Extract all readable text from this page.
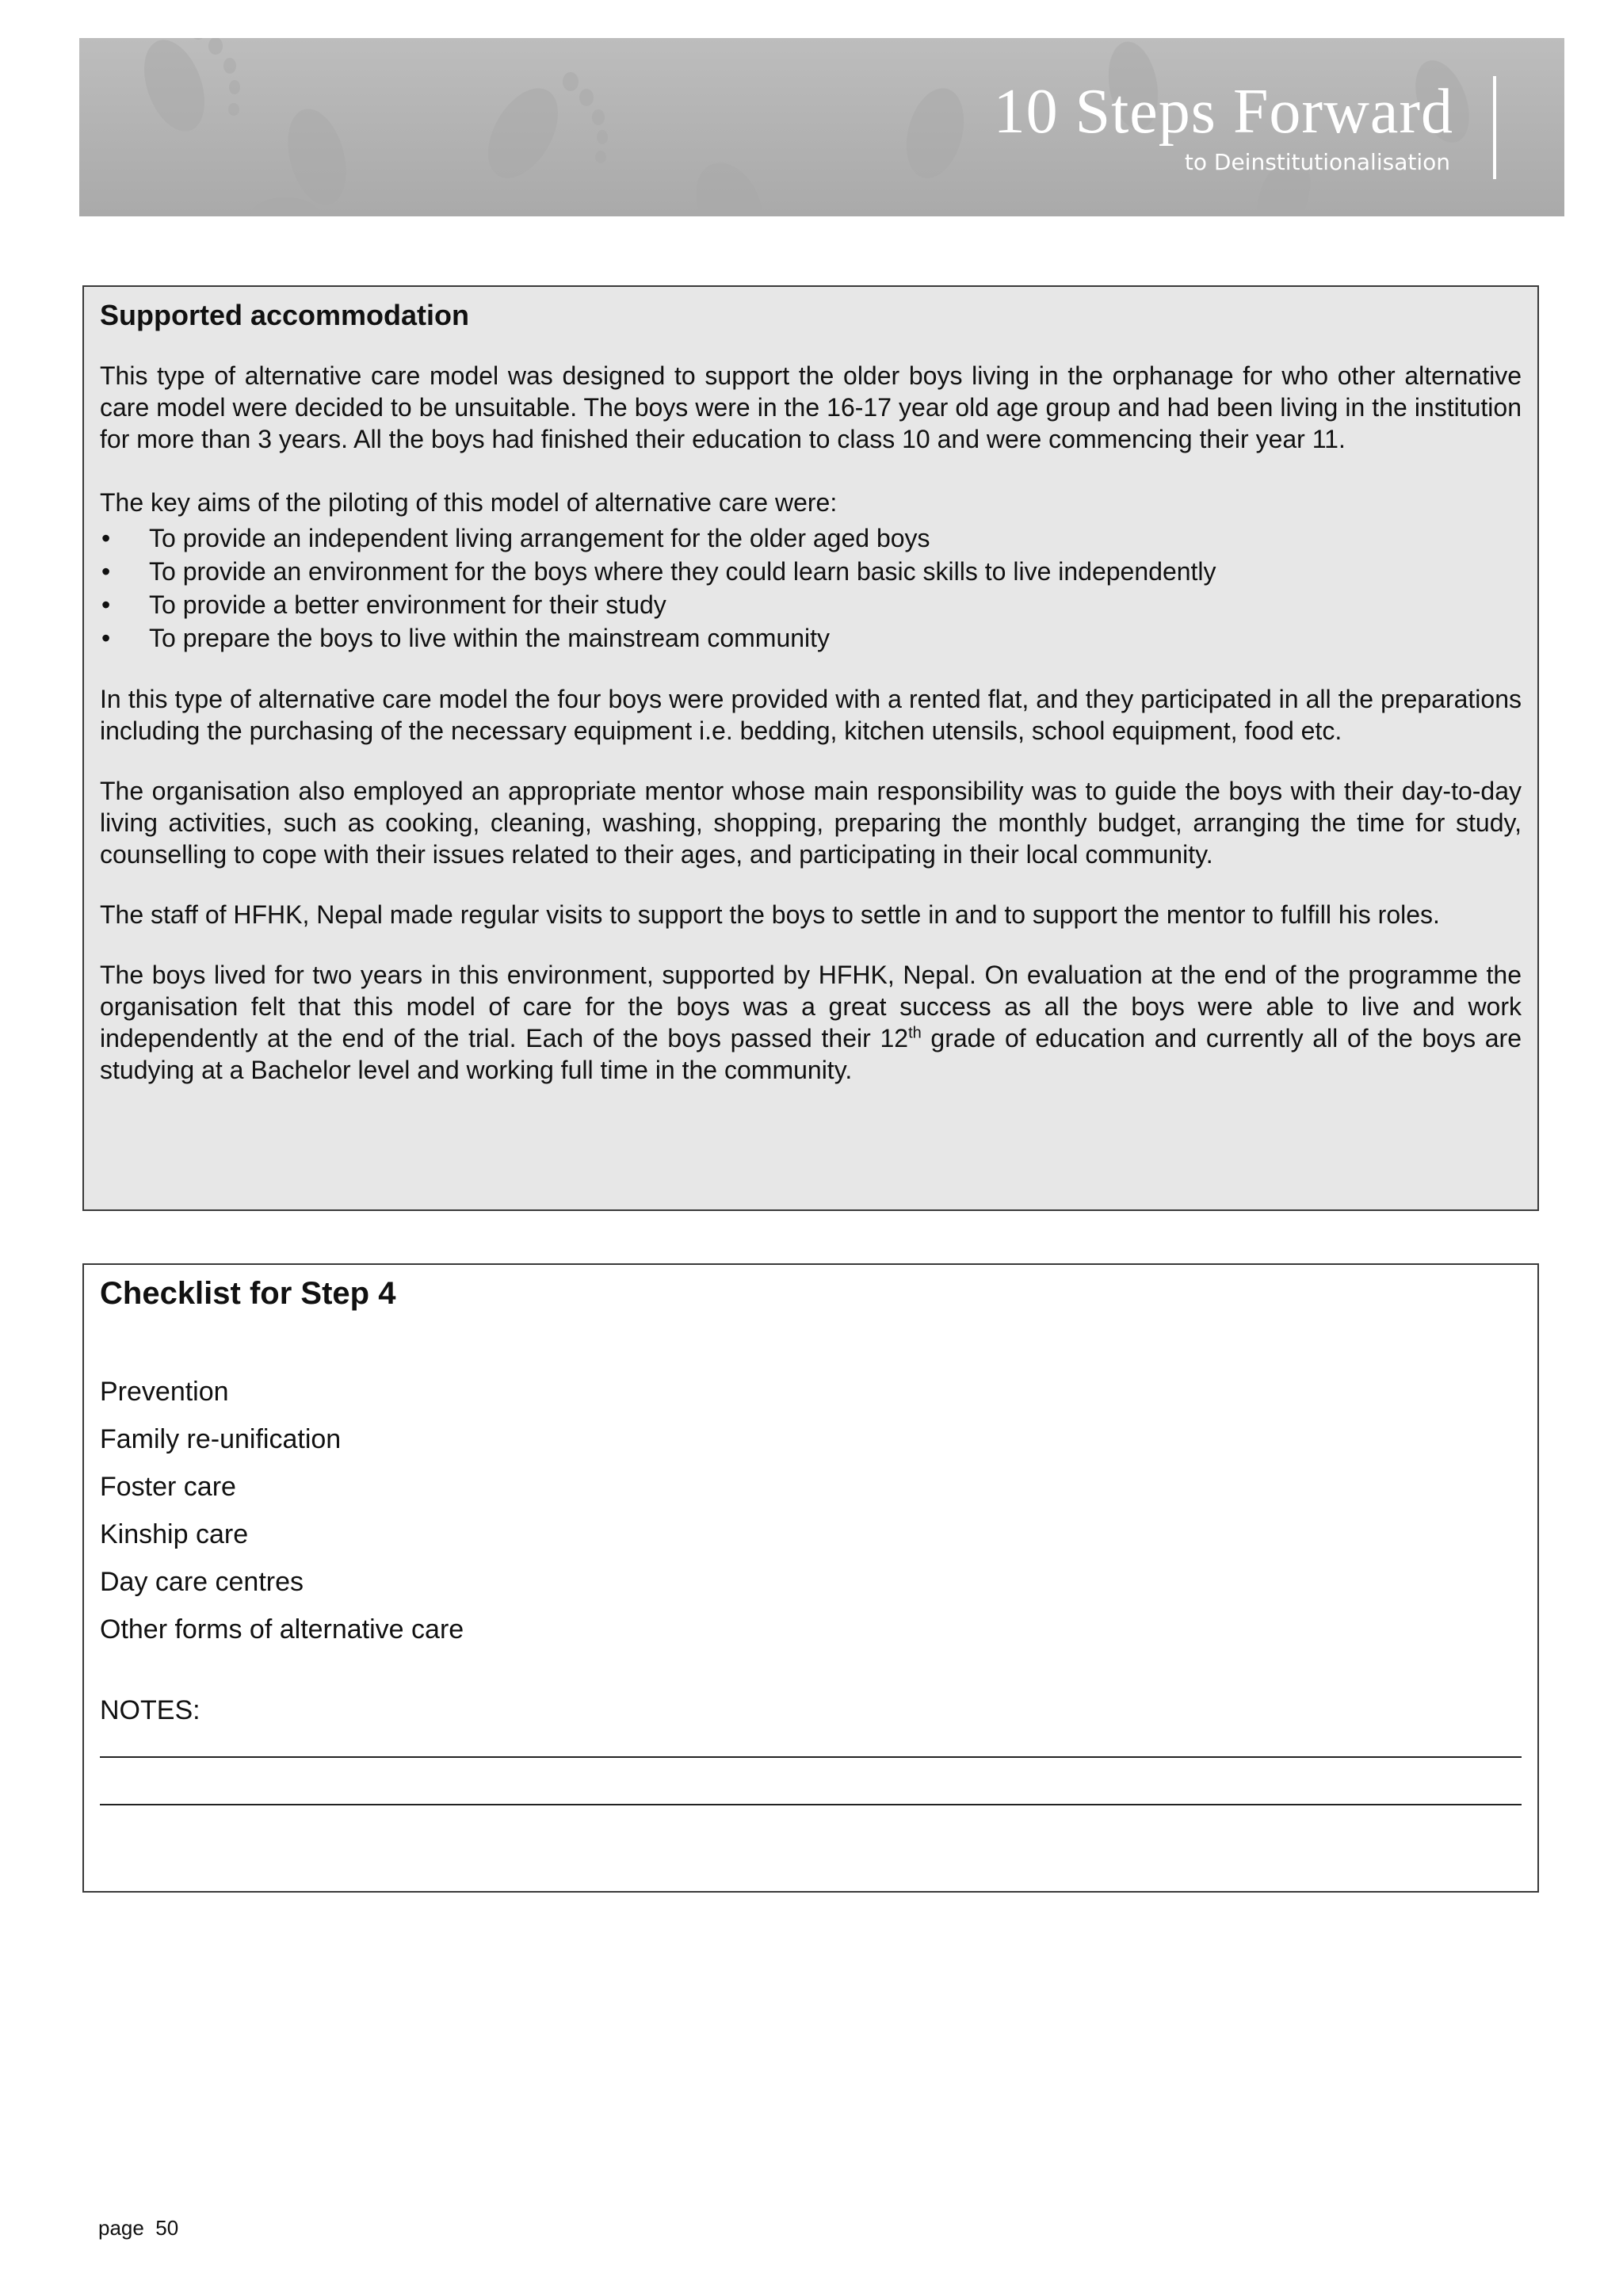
10 Steps Forward
to Deinstitutionalisation
Supported accommodation

This type of alternative care model was designed to support the older boys living in the orphanage for who other alternative care model were decided to be unsuitable. The boys were in the 16-17 year old age group and had been living in the institution for more than 3 years. All the boys had finished their education to class 10 and were commencing their year 11.

The key aims of the piloting of this model of alternative care were:

• To provide an independent living arrangement for the older aged boys
• To provide an environment for the boys where they could learn basic skills to live independently
• To provide a better environment for their study
• To prepare the boys to live within the mainstream community

In this type of alternative care model the four boys were provided with a rented flat, and they participated in all the preparations including the purchasing of the necessary equipment i.e. bedding, kitchen utensils, school equipment, food etc.

The organisation also employed an appropriate mentor whose main responsibility was to guide the boys with their day-to-day living activities, such as cooking, cleaning, washing, shopping, preparing the monthly budget, arranging the time for study, counselling to cope with their issues related to their ages, and participating in their local community.

The staff of HFHK, Nepal made regular visits to support the boys to settle in and to support the mentor to fulfill his roles.

The boys lived for two years in this environment, supported by HFHK, Nepal. On evaluation at the end of the programme the organisation felt that this model of care for the boys was a great success as all the boys were able to live and work independently at the end of the trial. Each of the boys passed their 12th grade of education and currently all of the boys are studying at a Bachelor level and working full time in the community.

Checklist for Step 4
Prevention
Family re-unification
Foster care
Kinship care
Day care centres
Other forms of alternative care
NOTES:
page  50
